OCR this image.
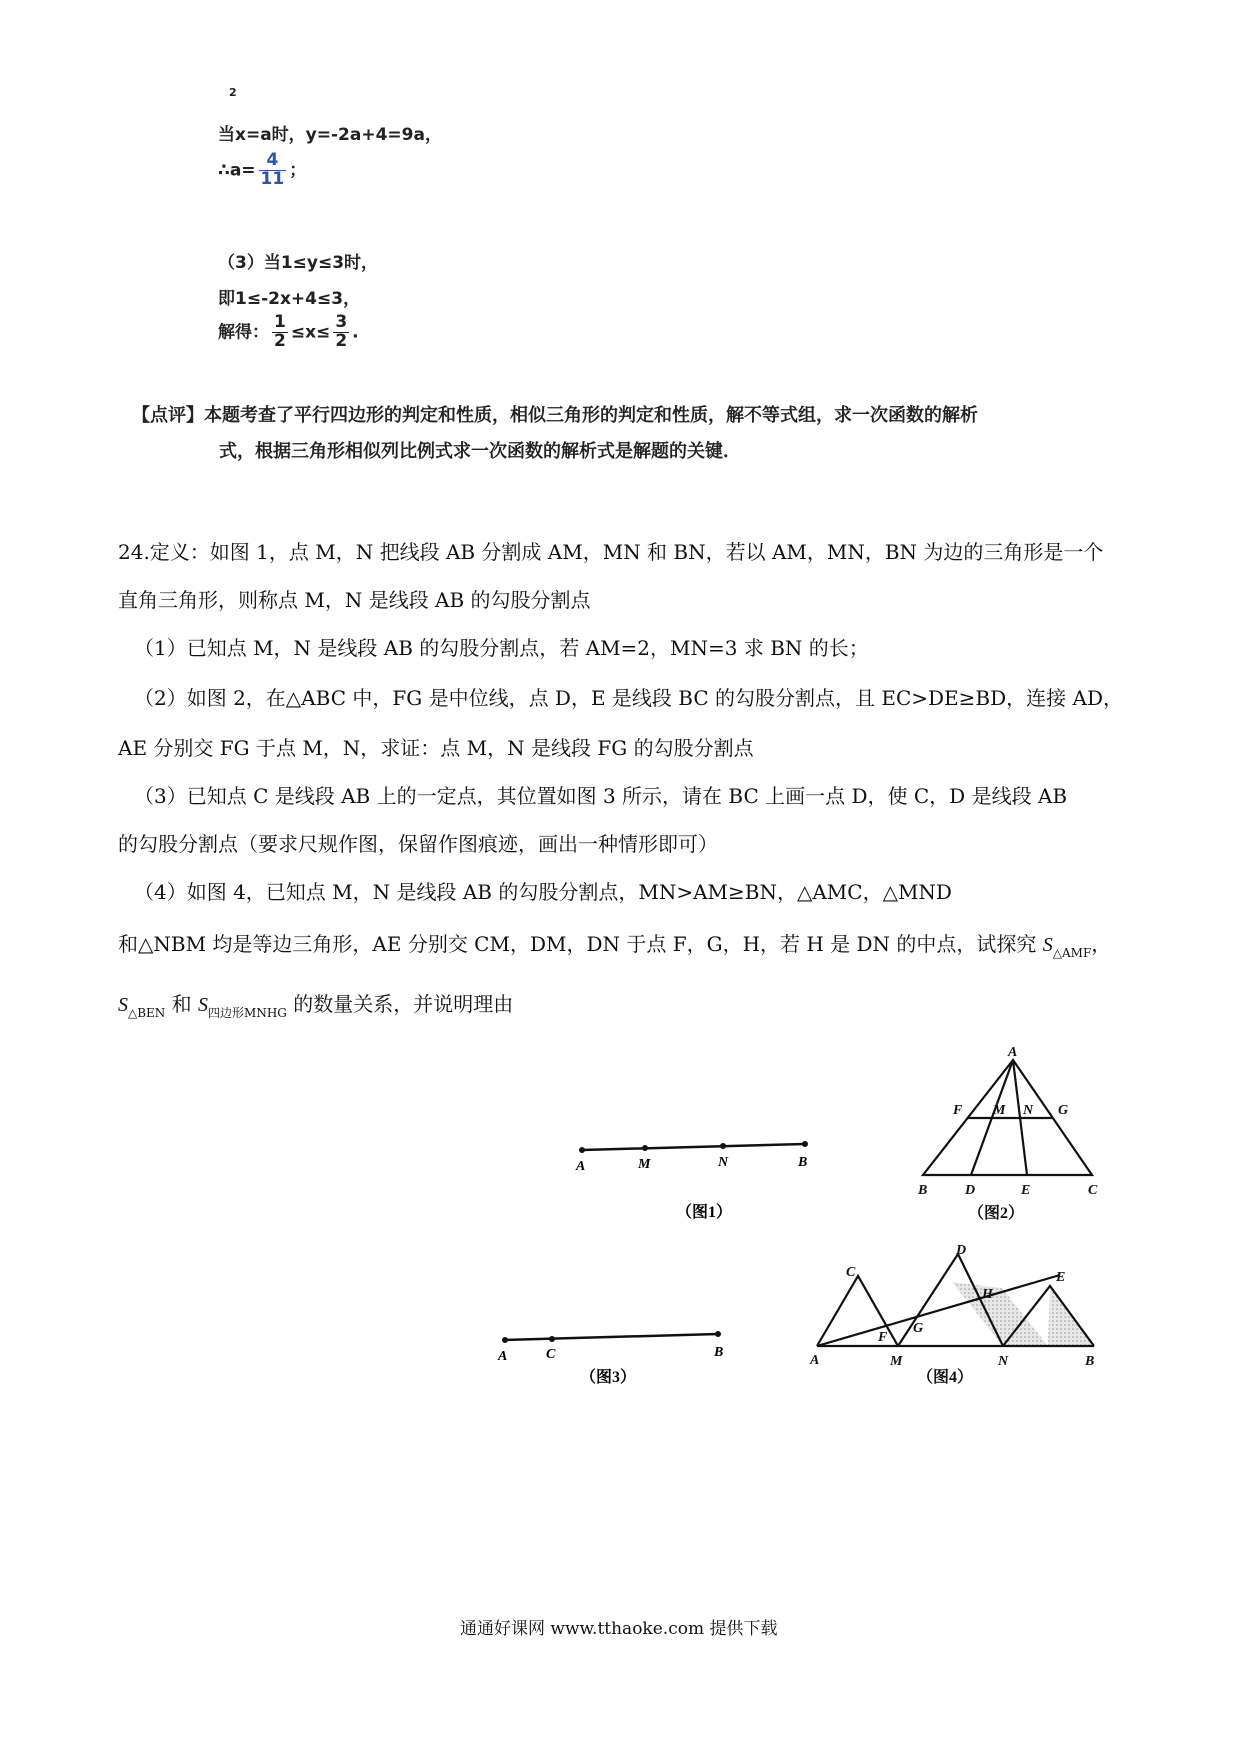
2
当x=a时，y=-2a+4=9a，
∴a= $\frac{4}{11}$ ；
（3）当1≤y≤3时，
即1≤-2x+4≤3，
解得： $\frac{1}{2} \le x\le \frac{3}{2}$ .
【点评】本题考查了平行四边形的判定和性质，相似三角形的判定和性质，解不等式组，求一次函数的解析
式，根据三角形相似列比例式求一次函数的解析式是解题的关键．
24.定义：如图 1，点 M，N 把线段 AB 分割成 AM，MN 和 BN，若以 AM，MN，BN 为边的三角形是一个
直角三角形，则称点 M，N 是线段 AB 的勾股分割点
（1）已知点 M，N 是线段 AB 的勾股分割点，若 AM=2，MN=3 求 BN 的长；
（2）如图 2，在△ABC 中，FG 是中位线，点 D，E 是线段 BC 的勾股分割点，且 EC>DE≥BD，连接 AD，
AE 分别交 FG 于点 M，N，求证：点 M，N 是线段 FG 的勾股分割点
（3）已知点 C 是线段 AB 上的一定点，其位置如图 3 所示，请在 BC 上画一点 D，使 C，D 是线段 AB
的勾股分割点（要求尺规作图，保留作图痕迹，画出一种情形即可）
（4）如图 4，已知点 M，N 是线段 AB 的勾股分割点，MN>AM≥BN，△AMC，△MND
和△NBM 均是等边三角形，AE 分别交 CM，DM，DN 于点 F，G，H，若 H 是 DN 的中点，试探究 $S_{\triangle AMF}$，
$S_{\triangle BEN}$ 和 $S_{四边形MNHG}$ 的数量关系，并说明理由
A	M	N	B
（图1）
A
F M N G
B	D	E	C
（图2）
A	C	B
（图3）
C
D
E
H
F
G
A	M	N	B
（图4）
通通好课网 www.tthaoke.com 提供下载
